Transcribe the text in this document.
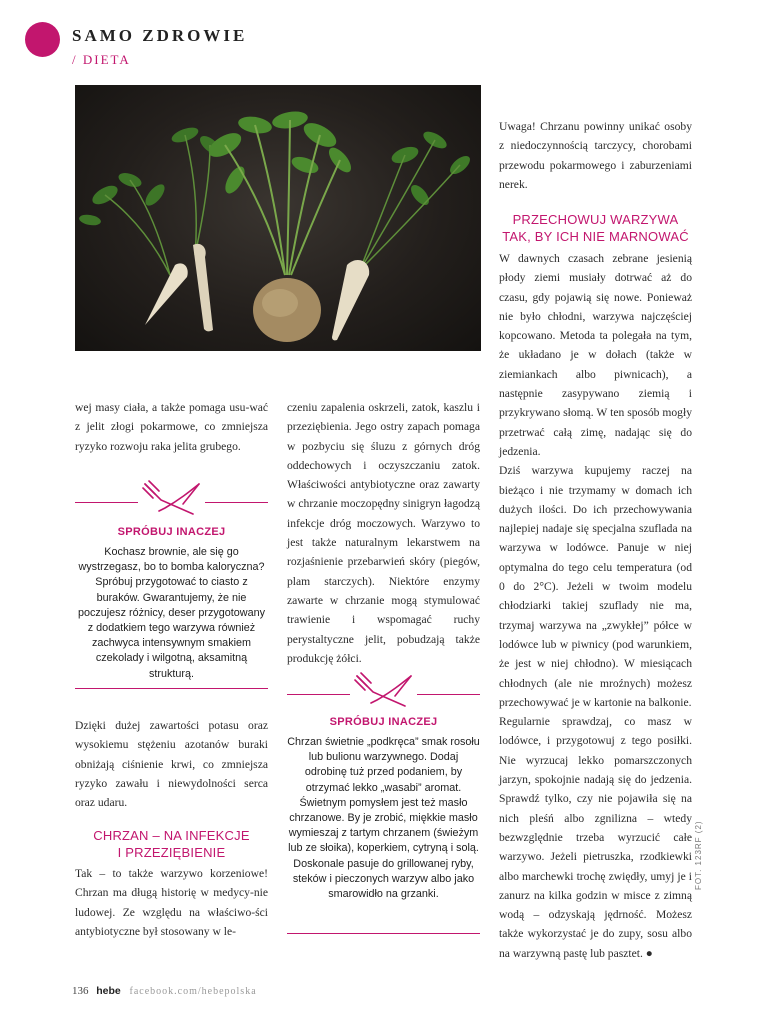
SAMO ZDROWIE
/ DIETA

wej masy ciała, a także pomaga usu-wać z jelit złogi pokarmowe, co zmniejsza ryzyko rozwoju raka jelita grubego.

SPRÓBUJ INACZEJ
Kochasz brownie, ale się go wystrzegasz, bo to bomba kaloryczna? Spróbuj przygotować to ciasto z buraków. Gwarantujemy, że nie poczujesz różnicy, deser przygotowany z dodatkiem tego warzywa również zachwyca intensywnym smakiem czekolady i wilgotną, aksamitną strukturą.

Dzięki dużej zawartości potasu oraz wysokiemu stężeniu azotanów buraki obniżają ciśnienie krwi, co zmniejsza ryzyko zawału i niewydolności serca oraz udaru.

CHRZAN – NA INFEKCJE
I PRZEZIĘBIENIE

Tak – to także warzywo korzeniowe! Chrzan ma długą historię w medycy-nie ludowej. Ze względu na właściwo-ści antybiotyczne był stosowany w le-

czeniu zapalenia oskrzeli, zatok, kaszlu i przeziębienia. Jego ostry zapach pomaga w pozbyciu się śluzu z górnych dróg oddechowych i oczyszczaniu zatok. Właściwości antybiotyczne oraz zawarty w chrzanie moczopędny sinigryn łagodzą infekcje dróg moczowych. Warzywo to jest także naturalnym lekarstwem na rozjaśnienie przebarwień skóry (piegów, plam starczych). Niektóre enzymy zawarte w chrzanie mogą stymulować trawienie i wspomagać ruchy perystaltyczne jelit, pobudzają także produkcję żółci.

SPRÓBUJ INACZEJ
Chrzan świetnie „podkręca” smak rosołu lub bulionu warzywnego. Dodaj odrobinę tuż przed podaniem, by otrzymać lekko „wasabi” aromat. Świetnym pomysłem jest też masło chrzanowe. By je zrobić, miękkie masło wymieszaj z tartym chrzanem (świeżym lub ze słoika), koperkiem, cytryną i solą. Doskonale pasuje do grillowanej ryby, steków i pieczonych warzyw albo jako smarowidło na grzanki.

Uwaga! Chrzanu powinny unikać osoby z niedoczynnością tarczycy, chorobami przewodu pokarmowego i zaburzeniami nerek.

PRZECHOWUJ WARZYWA
TAK, BY ICH NIE MARNOWAĆ

W dawnych czasach zebrane jesienią płody ziemi musiały dotrwać aż do czasu, gdy pojawią się nowe. Ponieważ nie było chłodni, warzywa najczęściej kopcowano. Metoda ta polegała na tym, że układano je w dołach (także w ziemiankach albo piwnicach), a następnie zasypywano ziemią i przykrywano słomą. W ten sposób mogły przetrwać całą zimę, nadając się do jedzenia.

Dziś warzywa kupujemy raczej na bieżąco i nie trzymamy w domach ich dużych ilości. Do ich przechowywania najlepiej nadaje się specjalna szuflada na warzywa w lodówce. Panuje w niej optymalna do tego celu temperatura (od 0 do 2°C). Jeżeli w twoim modelu chłodziarki takiej szuflady nie ma, trzymaj warzywa na „zwykłej” półce w lodówce lub w piwnicy (pod warunkiem, że jest w niej chłodno). W miesiącach chłodnych (ale nie mroźnych) możesz przechowywać je w kartonie na balkonie.

Regularnie sprawdzaj, co masz w lodówce, i przygotowuj z tego posiłki. Nie wyrzucaj lekko pomarszczonych jarzyn, spokojnie nadają się do jedzenia. Sprawdź tylko, czy nie pojawiła się na nich pleśń albo zgnilizna – wtedy bezwzględnie trzeba wyrzucić całe warzywo. Jeżeli pietruszka, rzodkiewki albo marchewki trochę zwiędły, umyj je i zanurz na kilka godzin w misce z zimną wodą – odzyskają jędrność. Możesz także wykorzystać je do zupy, sosu albo na warzywną pastę lub pasztet. ●

FOT. 123RF (2)
136 hebe facebook.com/hebepolska
